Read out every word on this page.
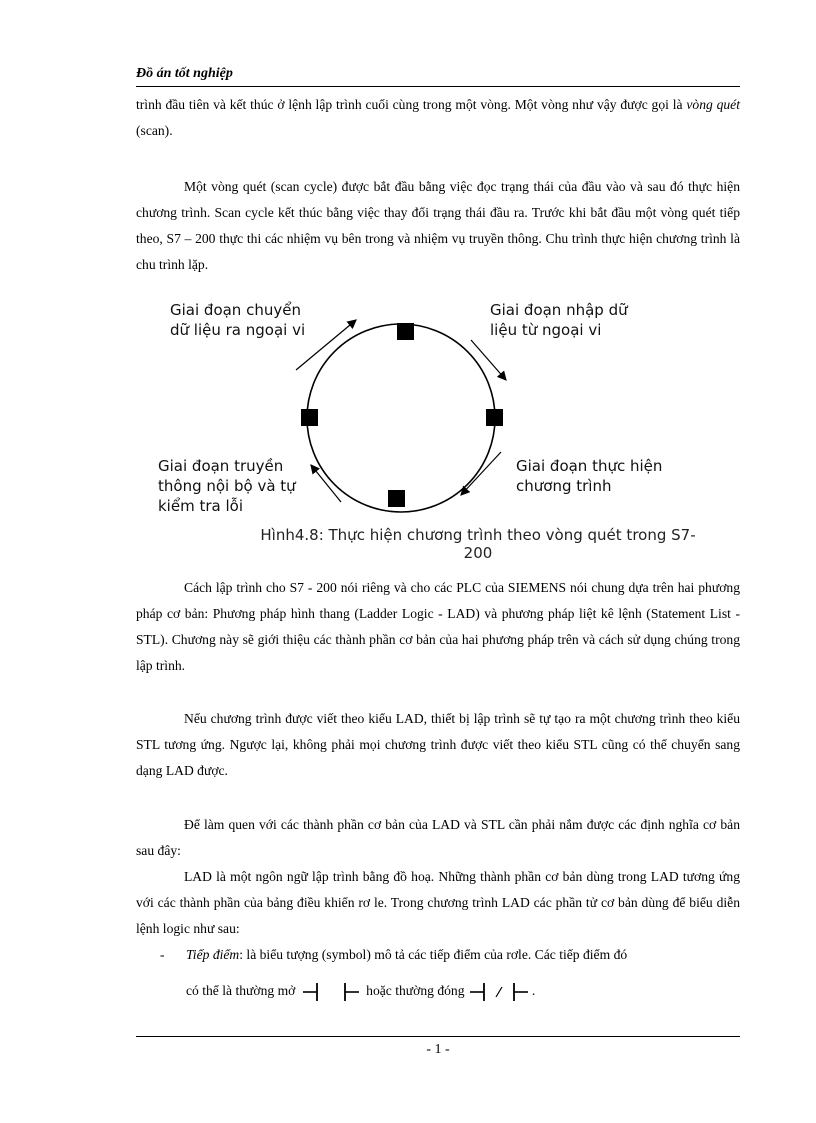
Đồ án tốt nghiệp

trình đầu tiên và kết thúc ở lệnh lập trình cuối cùng trong một vòng. Một vòng như vậy được gọi là vòng quét (scan).

Một vòng quét (scan cycle) được bắt đầu bằng việc đọc trạng thái của đầu vào và sau đó thực hiện chương trình. Scan cycle kết thúc bằng việc thay đổi trạng thái đầu ra. Trước khi bắt đầu một vòng quét tiếp theo, S7 – 200 thực thi các nhiệm vụ bên trong và nhiệm vụ truyền thông. Chu trình thực hiện chương trình là chu trình lặp.

Giai đoạn chuyển
dữ liệu ra ngoại vi
Giai đoạn nhập dữ
liệu từ ngoại vi
Giai đoạn truyền
thông nội bộ và tự
kiểm tra lỗi
Giai đoạn thực hiện
chương trình
Hình4.8: Thực hiện chương trình theo vòng quét trong S7-200

Cách lập trình cho S7 - 200 nói riêng và cho các PLC của SIEMENS nói chung dựa trên hai phương pháp cơ bản: Phương pháp hình thang (Ladder Logic - LAD) và phương pháp liệt kê lệnh (Statement List - STL). Chương này sẽ giới thiệu các thành phần cơ bản của hai phương pháp trên và cách sử dụng chúng trong lập trình.

Nếu chương trình được viết theo kiểu LAD, thiết bị lập trình sẽ tự tạo ra một chương trình theo kiểu STL tương ứng. Ngược lại, không phải mọi chương trình được viết theo kiểu STL cũng có thể chuyển sang dạng LAD được.

Để làm quen với các thành phần cơ bản của LAD và STL cần phải nắm được các định nghĩa cơ bản sau đây:

LAD là một ngôn ngữ lập trình bằng đồ hoạ. Những thành phần cơ bản dùng trong LAD tương ứng với các thành phần của bảng điều khiển rơ le. Trong chương trình LAD các phần tử cơ bản dùng để biểu diễn lệnh logic như sau:

- Tiếp điểm: là biểu tượng (symbol) mô tả các tiếp điểm của rơle. Các tiếp điểm đó
có thể là thường mở	hoặc thường đóng	.
- 1 -
